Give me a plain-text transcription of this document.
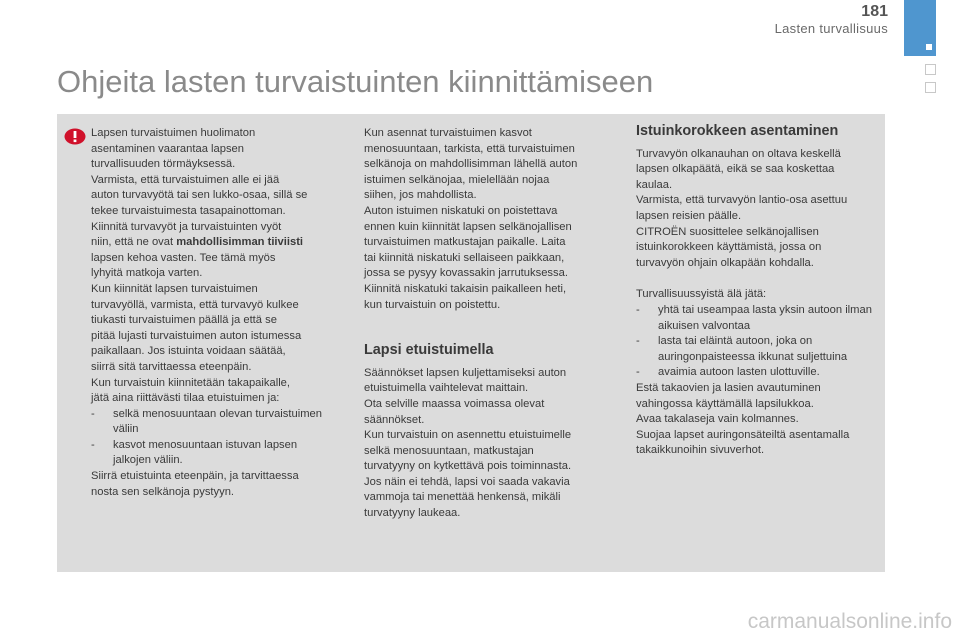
181
Lasten turvallisuus
Ohjeita lasten turvaistuinten kiinnittämiseen

Lapsen turvaistuimen huolimaton

asentaminen vaarantaa lapsen

turvallisuuden törmäyksessä.

Varmista, että turvaistuimen alle ei jää

auton turvavyötä tai sen lukko-osaa, sillä se

tekee turvaistuimesta tasapainottoman.

Kiinnitä turvavyöt ja turvaistuinten vyöt

niin, että ne ovat mahdollisimman tiiviisti

lapsen kehoa vasten. Tee tämä myös

lyhyitä matkoja varten.

Kun kiinnität lapsen turvaistuimen

turvavyöllä, varmista, että turvavyö kulkee

tiukasti turvaistuimen päällä ja että se

pitää lujasti turvaistuimen auton istumessa

paikallaan. Jos istuinta voidaan säätää,

siirrä sitä tarvittaessa eteenpäin.

Kun turvaistuin kiinnitetään takapaikalle,

jätä aina riittävästi tilaa etuistuimen ja:

-	selkä menosuuntaan olevan turvaistuimen väliin
-	kasvot menosuuntaan istuvan lapsen jalkojen väliin.

Siirrä etuistuinta eteenpäin, ja tarvittaessa

nosta sen selkänoja pystyyn.

Kun asennat turvaistuimen kasvot

menosuuntaan, tarkista, että turvaistuimen

selkänoja on mahdollisimman lähellä auton

istuimen selkänojaa, mielellään nojaa

siihen, jos mahdollista.

Auton istuimen niskatuki on poistettava

ennen kuin kiinnität lapsen selkänojallisen

turvaistuimen matkustajan paikalle. Laita

tai kiinnitä niskatuki sellaiseen paikkaan,

jossa se pysyy kovassakin jarrutuksessa.

Kiinnitä niskatuki takaisin paikalleen heti,

kun turvaistuin on poistettu.

Lapsi etuistuimella

Säännökset lapsen kuljettamiseksi auton

etuistuimella vaihtelevat maittain.

Ota selville maassa voimassa olevat

säännökset.

Kun turvaistuin on asennettu etuistuimelle

selkä menosuuntaan, matkustajan

turvatyyny on kytkettävä pois toiminnasta.

Jos näin ei tehdä, lapsi voi saada vakavia

vammoja tai menettää henkensä, mikäli

turvatyyny laukeaa.

Istuinkorokkeen asentaminen

Turvavyön olkanauhan on oltava keskellä

lapsen olkapäätä, eikä se saa koskettaa

kaulaa.

Varmista, että turvavyön lantio-osa asettuu

lapsen reisien päälle.

CITROËN suosittelee selkänojallisen

istuinkorokkeen käyttämistä, jossa on

turvavyön ohjain olkapään kohdalla.

Turvallisuussyistä älä jätä:

-	yhtä tai useampaa lasta yksin autoon ilman aikuisen valvontaa
-	lasta tai eläintä autoon, joka on auringonpaisteessa ikkunat suljettuina
-	avaimia autoon lasten ulottuville.

Estä takaovien ja lasien avautuminen

vahingossa käyttämällä lapsilukkoa.

Avaa takalaseja vain kolmannes.

Suojaa lapset auringonsäteiltä asentamalla

takaikkunoihin sivuverhot.

carmanualsonline.info
